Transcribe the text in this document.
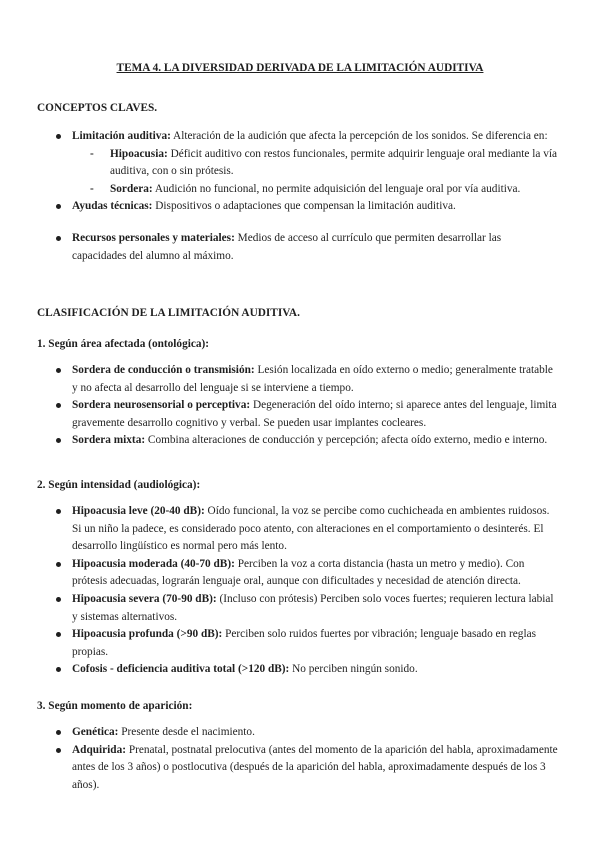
TEMA 4. LA DIVERSIDAD DERIVADA DE LA LIMITACIÓN AUDITIVA
CONCEPTOS CLAVES.
Limitación auditiva: Alteración de la audición que afecta la percepción de los sonidos. Se diferencia en:
- Hipoacusia: Déficit auditivo con restos funcionales, permite adquirir lenguaje oral mediante la vía auditiva, con o sin prótesis.
- Sordera: Audición no funcional, no permite adquisición del lenguaje oral por vía auditiva.
Ayudas técnicas: Dispositivos o adaptaciones que compensan la limitación auditiva.
Recursos personales y materiales: Medios de acceso al currículo que permiten desarrollar las capacidades del alumno al máximo.
CLASIFICACIÓN DE LA LIMITACIÓN AUDITIVA.
1. Según área afectada (ontológica):
Sordera de conducción o transmisión: Lesión localizada en oído externo o medio; generalmente tratable y no afecta al desarrollo del lenguaje si se interviene a tiempo.
Sordera neurosensorial o perceptiva: Degeneración del oído interno; si aparece antes del lenguaje, limita gravemente desarrollo cognitivo y verbal. Se pueden usar implantes cocleares.
Sordera mixta: Combina alteraciones de conducción y percepción; afecta oído externo, medio e interno.
2. Según intensidad (audiológica):
Hipoacusia leve (20-40 dB): Oído funcional, la voz se percibe como cuchicheada en ambientes ruidosos. Si un niño la padece, es considerado poco atento, con alteraciones en el comportamiento o desinterés. El desarrollo lingüístico es normal pero más lento.
Hipoacusia moderada (40-70 dB): Perciben la voz a corta distancia (hasta un metro y medio). Con prótesis adecuadas, lograrán lenguaje oral, aunque con dificultades y necesidad de atención directa.
Hipoacusia severa (70-90 dB): (Incluso con prótesis) Perciben solo voces fuertes; requieren lectura labial y sistemas alternativos.
Hipoacusia profunda (>90 dB): Perciben solo ruidos fuertes por vibración; lenguaje basado en reglas propias.
Cofosis - deficiencia auditiva total (>120 dB): No perciben ningún sonido.
3. Según momento de aparición:
Genética: Presente desde el nacimiento.
Adquirida: Prenatal, postnatal prelocutiva (antes del momento de la aparición del habla, aproximadamente antes de los 3 años) o postlocutiva (después de la aparición del habla, aproximadamente después de los 3 años).
